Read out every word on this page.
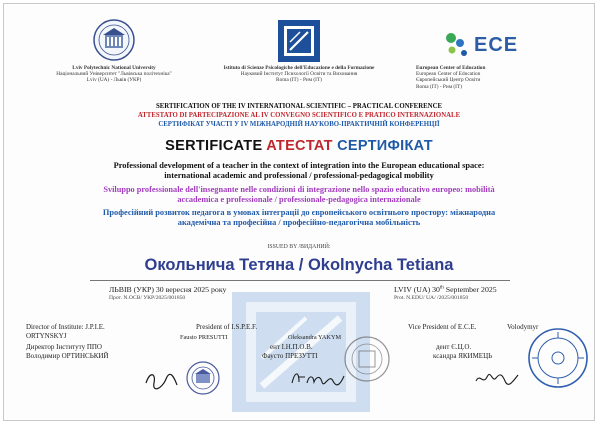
Lviv Polytechnic National University
Національний Університет "Львівська політехніка"
Lviv (UA) - Львів (УКР)
Istituto di Scienze Psicologiche dell'Educazione e della Formazione
Науковий Інститут Психології Освіти та Виховання
Roma (IT) - Рим (IT)
ECE
European Center of Education
European Center of Education
Європейський Центр Освіти
Roma (IT) - Рим (IT)
SERTIFICATION OF THE IV INTERNATIONAL SCIENTIFIC – PRACTICAL CONFERENCE
ATTESTATO DI PARTECIPAZIONE AL IV CONVEGNO SCIENTIFICO E PRATICO INTERNAZIONALE
СЕРТИФІКАТ УЧАСТІ У IV МІЖНАРОДНІЙ НАУКОВО-ПРАКТИЧНІЙ КОНФЕРЕНЦІЇ
SERTIFICATE ATECTAT СЕРТИФІКАТ
Professional development of a teacher in the context of integration into the European educational space:
international academic and professional / professional-pedagogical mobility
Sviluppo professionale dell'insegnante nelle condizioni di integrazione nello spazio educativo europeo: mobilità
accademica e professionale / professionale-pedagogica internazionale
Професійний розвиток педагога в умовах інтеграції до європейського освітнього простору: міжнародна
академічна та професійна / професійно-педагогічна мобільність
ISSUED BY /ВИДАНИЙ:
Окольнича Тетяна / Okolnycha Tetiana
ЛЬВІВ (УКР) 30 вересня 2025 року
Прот. N.ОСВ/ УКР/2025/001850
LVIV (UA) 30th September 2025
Prot. N.EDU/ UA/ /2025/001850
Director of Institute: J.P.I.E.	President of I.S.P.E.F.	Vice President of E.C.E.	Volodymyr
ORTYNSKYJ	Fausto PRESUTTI	Oleksandra YAKYM
Директор Інституту ППО	ент І.Н.П.О.В.	дент Є.Ц.О.
Володимир ОРТИНСЬКИЙ	Фаусто ПРЕЗУТТІ	ксандра ЯКИМЕЦЬ
